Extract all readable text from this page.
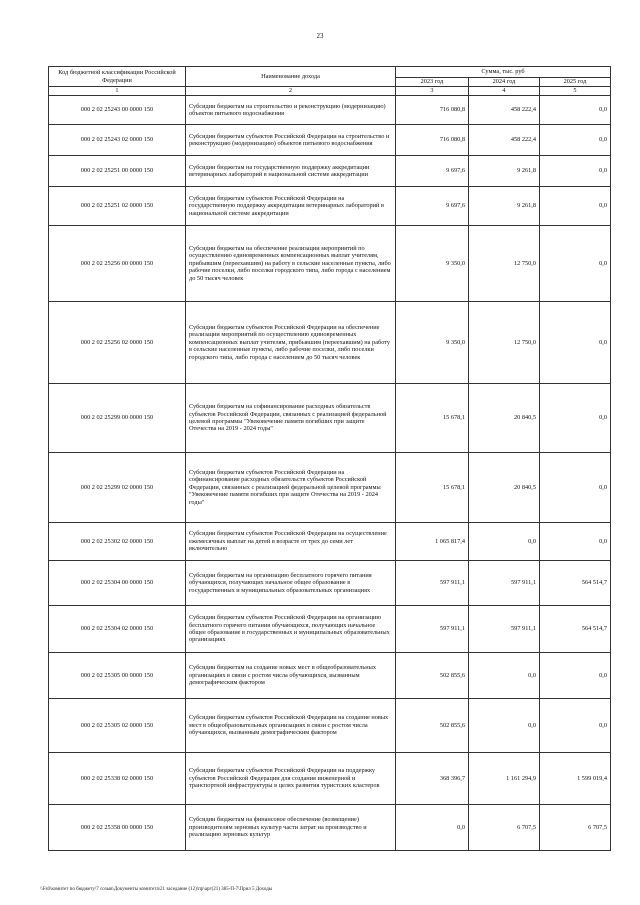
23
Код бюджетной классификации Российской Федерации	Наименование дохода	Сумма, тыс. руб		
		2023 год	2024 год	2025 год
1	2	3	4	5
000 2 02 25243 00 0000 150	Субсидии бюджетам на строительство и реконструкцию (модернизацию) объектов питьевого водоснабжения	716 080,8	458 222,4	0,0
000 2 02 25243 02 0000 150	Субсидии бюджетам субъектов Российской Федерации на строительство и реконструкцию (модернизацию) объектов питьевого водоснабжения	716 080,8	458 222,4	0,0
000 2 02 25251 00 0000 150	Субсидии бюджетам на государственную поддержку аккредитации ветеринарных лабораторий в национальной системе аккредитации	9 697,6	9 261,8	0,0
000 2 02 25251 02 0000 150	Субсидии бюджетам субъектов Российской Федерации на государственную поддержку аккредитации ветеринарных лабораторий в национальной системе аккредитации	9 697,6	9 261,8	0,0
000 2 02 25256 00 0000 150	Субсидии бюджетам на обеспечение реализации мероприятий по осуществлению единовременных компенсационных выплат учителям, прибывшим (переехавшим) на работу в сельские населенные пункты, либо рабочие поселки, либо поселки городского типа, либо города с населением до 50 тысяч человек	9 350,0	12 750,0	0,0
000 2 02 25256 02 0000 150	Субсидии бюджетам субъектов Российской Федерации на обеспечение реализации мероприятий по осуществлению единовременных компенсационных выплат учителям, прибывшим (переехавшим) на работу в сельские населенные пункты, либо рабочие поселки, либо поселки городского типа, либо города с населением до 50 тысяч человек	9 350,0	12 750,0	0,0
000 2 02 25299 00 0000 150	Субсидии бюджетам на софинансирование расходных обязательств субъектов Российской Федерации, связанных с реализацией федеральной целевой программы "Увековечение памяти погибших при защите Отечества на 2019 - 2024 годы"	15 678,1	20 840,5	0,0
000 2 02 25299 02 0000 150	Субсидии бюджетам субъектов Российской Федерации на софинансирование расходных обязательств субъектов Российской Федерации, связанных с реализацией федеральной целевой программы "Увековечение памяти погибших при защите Отечества на 2019 - 2024 годы"	15 678,1	20 840,5	0,0
000 2 02 25302 02 0000 150	Субсидии бюджетам субъектов Российской Федерации на осуществление ежемесячных выплат на детей в возрасте от трех до семи лет включительно	1 065 817,4	0,0	0,0
000 2 02 25304 00 0000 150	Субсидии бюджетам на организацию бесплатного горячего питания обучающихся, получающих начальное общее образование в государственных и муниципальных образовательных организациях	597 911,1	597 911,1	564 514,7
000 2 02 25304 02 0000 150	Субсидии бюджетам субъектов Российской Федерации на организацию бесплатного горячего питания обучающихся, получающих начальное общее образование в государственных и муниципальных образовательных организациях	597 911,1	597 911,1	564 514,7
000 2 02 25305 00 0000 150	Субсидии бюджетам на создание новых мест в общеобразовательных организациях в связи с ростом числа обучающихся, вызванным демографическим фактором	502 855,6	0,0	0,0
000 2 02 25305 02 0000 150	Субсидии бюджетам субъектов Российской Федерации на создание новых мест в общеобразовательных организациях в связи с ростом числа обучающихся, вызванным демографическим фактором	502 855,6	0,0	0,0
000 2 02 25338 02 0000 150	Субсидии бюджетам субъектов Российской Федерации на поддержку субъектов Российской Федерации для создания инженерной и транспортной инфраструктуры в целях развития туристских кластеров	368 396,7	1 161 294,9	1 599 019,4
000 2 02 25358 00 0000 150	Субсидии бюджетам на финансовое обеспечение (возмещение) производителям зерновых культур части затрат на производство и реализацию зерновых культур	0,0	6 707,5	6 707,5
\\Fs0\комитет по бюджету\7 созыв\Документы комитета\21 заседание (12)\пр\арг(21) 385-П-7\Прил 5 Доходы
